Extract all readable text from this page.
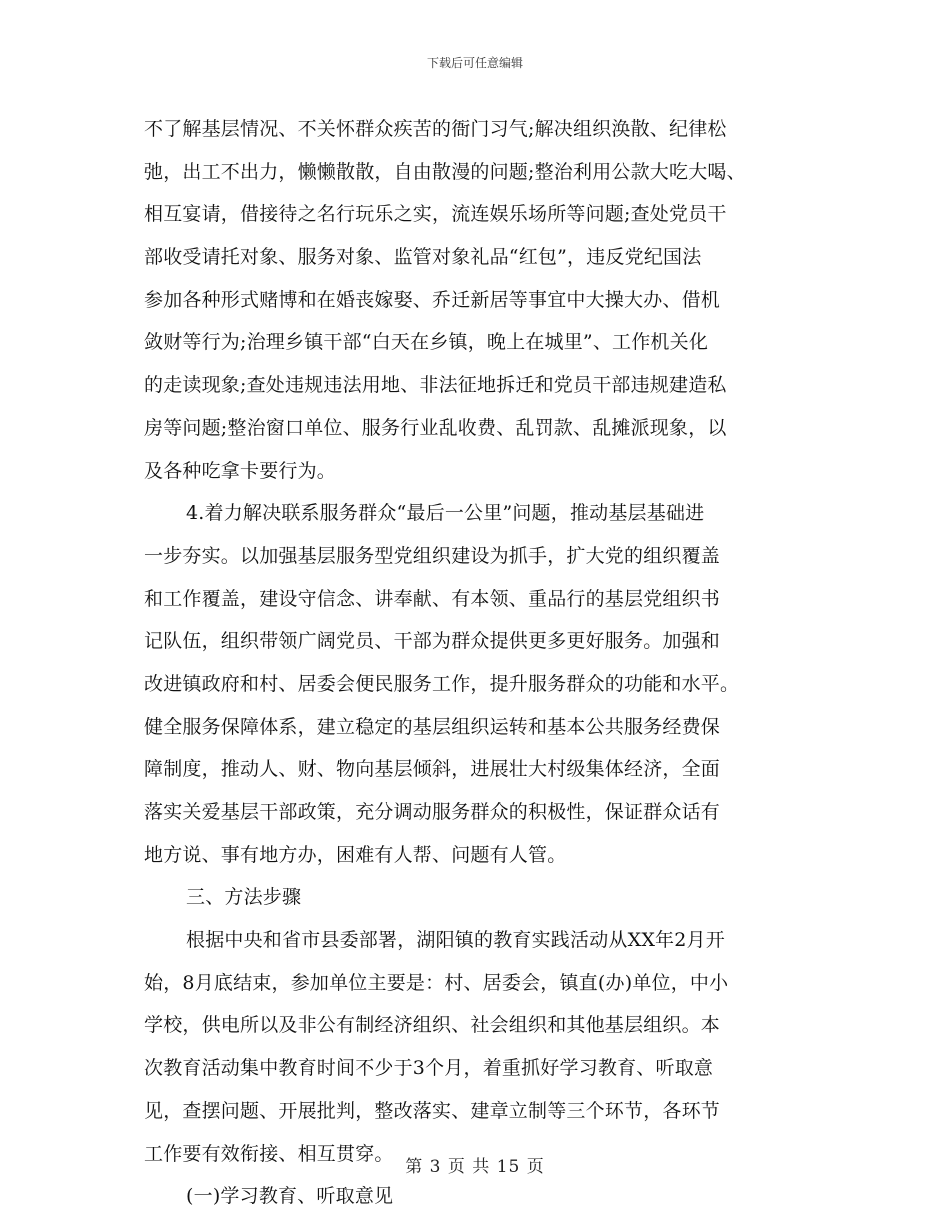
下载后可任意编辑
不了解基层情况、不关怀群众疾苦的衙门习气;解决组织涣散、纪律松
弛，出工不出力，懒懒散散，自由散漫的问题;整治利用公款大吃大喝、
相互宴请，借接待之名行玩乐之实，流连娱乐场所等问题;查处党员干
部收受请托对象、服务对象、监管对象礼品“红包”，违反党纪国法
参加各种形式赌博和在婚丧嫁娶、乔迁新居等事宜中大操大办、借机
敛财等行为;治理乡镇干部“白天在乡镇，晚上在城里”、工作机关化
的走读现象;查处违规违法用地、非法征地拆迁和党员干部违规建造私
房等问题;整治窗口单位、服务行业乱收费、乱罚款、乱摊派现象，以
及各种吃拿卡要行为。
4.着力解决联系服务群众“最后一公里”问题，推动基层基础进
一步夯实。以加强基层服务型党组织建设为抓手，扩大党的组织覆盖
和工作覆盖，建设守信念、讲奉献、有本领、重品行的基层党组织书
记队伍，组织带领广阔党员、干部为群众提供更多更好服务。加强和
改进镇政府和村、居委会便民服务工作，提升服务群众的功能和水平。
健全服务保障体系，建立稳定的基层组织运转和基本公共服务经费保
障制度，推动人、财、物向基层倾斜，进展壮大村级集体经济，全面
落实关爱基层干部政策，充分调动服务群众的积极性，保证群众话有
地方说、事有地方办，困难有人帮、问题有人管。
三、方法步骤
根据中央和省市县委部署，湖阳镇的教育实践活动从XX年2月开
始，8月底结束，参加单位主要是：村、居委会，镇直(办)单位，中小
学校，供电所以及非公有制经济组织、社会组织和其他基层组织。本
次教育活动集中教育时间不少于3个月，着重抓好学习教育、听取意
见，查摆问题、开展批判，整改落实、建章立制等三个环节，各环节
工作要有效衔接、相互贯穿。
(一)学习教育、听取意见
第 3 页 共 15 页
